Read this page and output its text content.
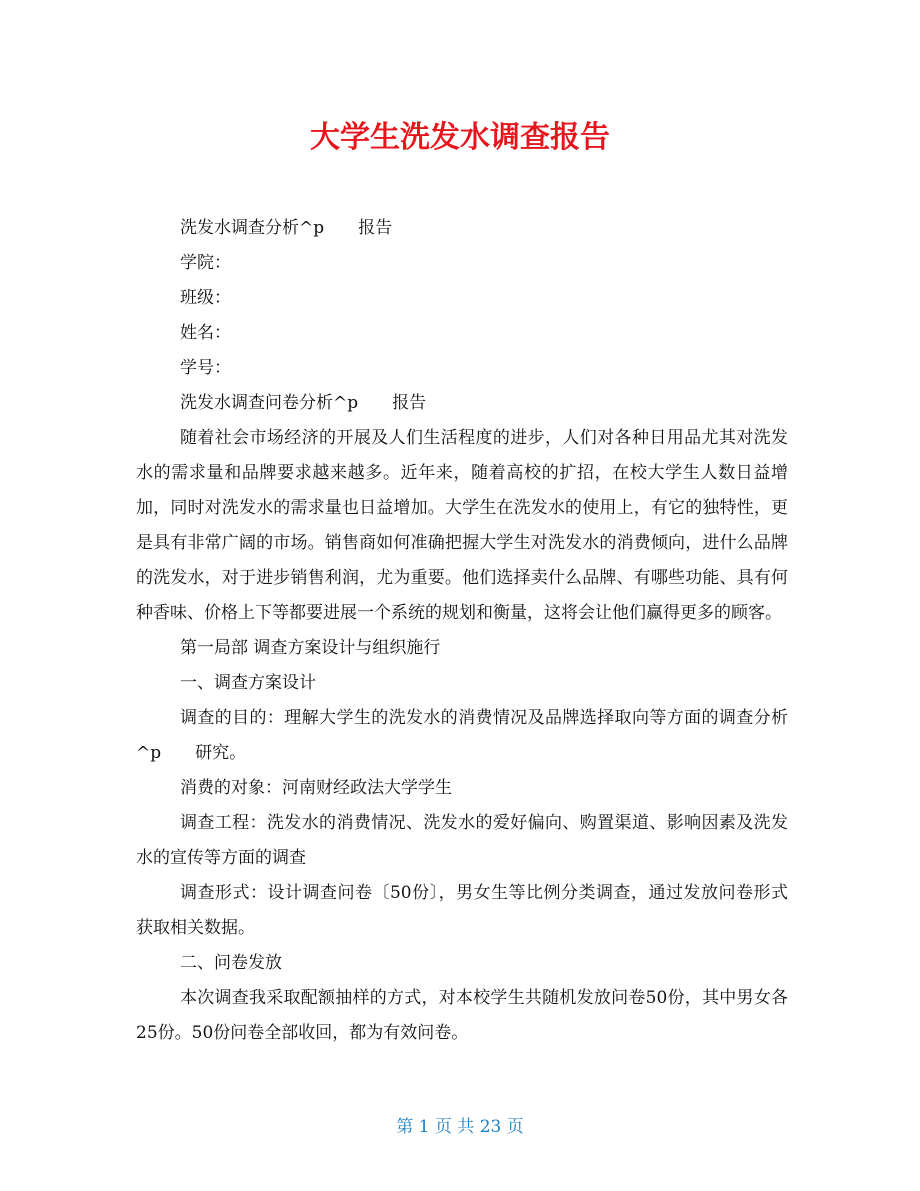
大学生洗发水调查报告

洗发水调查分析^p　　报告

学院：

班级：

姓名：

学号：

洗发水调查问卷分析^p　　报告

随着社会市场经济的开展及人们生活程度的进步，人们对各种日用品尤其对洗发水的需求量和品牌要求越来越多。近年来，随着高校的扩招，在校大学生人数日益增加，同时对洗发水的需求量也日益增加。大学生在洗发水的使用上，有它的独特性，更是具有非常广阔的市场。销售商如何准确把握大学生对洗发水的消费倾向，进什么品牌的洗发水，对于进步销售利润，尤为重要。他们选择卖什么品牌、有哪些功能、具有何种香味、价格上下等都要进展一个系统的规划和衡量，这将会让他们赢得更多的顾客。

第一局部 调查方案设计与组织施行

一、调查方案设计

调查的目的：理解大学生的洗发水的消费情况及品牌选择取向等方面的调查分析^p　　研究。

消费的对象：河南财经政法大学学生

调查工程：洗发水的消费情况、洗发水的爱好偏向、购置渠道、影响因素及洗发水的宣传等方面的调查

调查形式：设计调查问卷〔50份〕，男女生等比例分类调查，通过发放问卷形式获取相关数据。

二、问卷发放

本次调查我采取配额抽样的方式，对本校学生共随机发放问卷50份，其中男女各25份。50份问卷全部收回，都为有效问卷。

第 1 页 共 23 页
